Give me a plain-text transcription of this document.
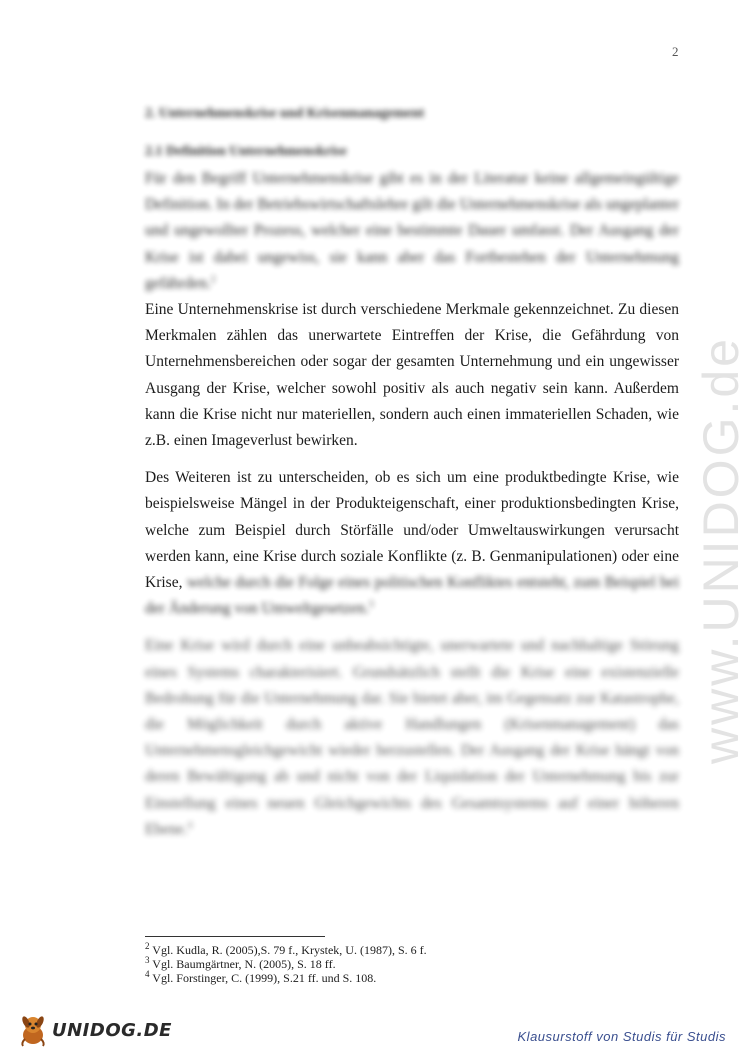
2
www.UNIDOG.de
2. Unternehmenskrise und Krisenmanagement
2.1 Definition Unternehmenskrise

Für den Begriff Unternehmenskrise gibt es in der Literatur keine allgemeingültige Definition. In der Betriebswirtschaftslehre gilt die Unternehmenskrise als ungeplanter und ungewollter Prozess, welcher eine bestimmte Dauer umfasst. Der Ausgang der Krise ist dabei ungewiss, sie kann aber das Fortbestehen der Unternehmung gefährden.$^2$

Eine Unternehmenskrise ist durch verschiedene Merkmale gekennzeichnet. Zu diesen Merkmalen zählen das unerwartete Eintreffen der Krise, die Gefährdung von Unternehmensbereichen oder sogar der gesamten Unternehmung und ein ungewisser Ausgang der Krise, welcher sowohl positiv als auch negativ sein kann. Außerdem kann die Krise nicht nur materiellen, sondern auch einen immateriellen Schaden, wie z.B. einen Imageverlust bewirken.

Des Weiteren ist zu unterscheiden, ob es sich um eine produktbedingte Krise, wie beispielsweise Mängel in der Produkteigenschaft, einer produktionsbedingten Krise, welche zum Beispiel durch Störfälle und/oder Umweltauswirkungen verursacht werden kann, eine Krise durch soziale Konflikte (z. B. Genmanipulationen) oder eine Krise, welche durch die Folge eines politischen Konfliktes entsteht, zum Beispiel bei der Änderung von Umweltgesetzen.$^3$

Eine Krise wird durch eine unbeabsichtigte, unerwartete und nachhaltige Störung eines Systems charakterisiert. Grundsätzlich stellt die Krise eine existenzielle Bedrohung für die Unternehmung dar. Sie bietet aber, im Gegensatz zur Katastrophe, die Möglichkeit durch aktive Handlungen (Krisenmanagement) das Unternehmensgleichgewicht wieder herzustellen. Der Ausgang der Krise hängt von deren Bewältigung ab und nicht von der Liquidation der Unternehmung bis zur Einstellung eines neuen Gleichgewichts des Gesamtsystems auf einer höheren Ebene.$^4$

$^2$ Vgl. Kudla, R. (2005),S. 79 f., Krystek, U. (1987), S. 6 f.
$^3$ Vgl. Baumgärtner, N. (2005), S. 18 ff.
$^4$ Vgl. Forstinger, C. (1999), S.21 ff. und S. 108.
UNIDOG.DE	Klausurstoff von Studis für Studis
